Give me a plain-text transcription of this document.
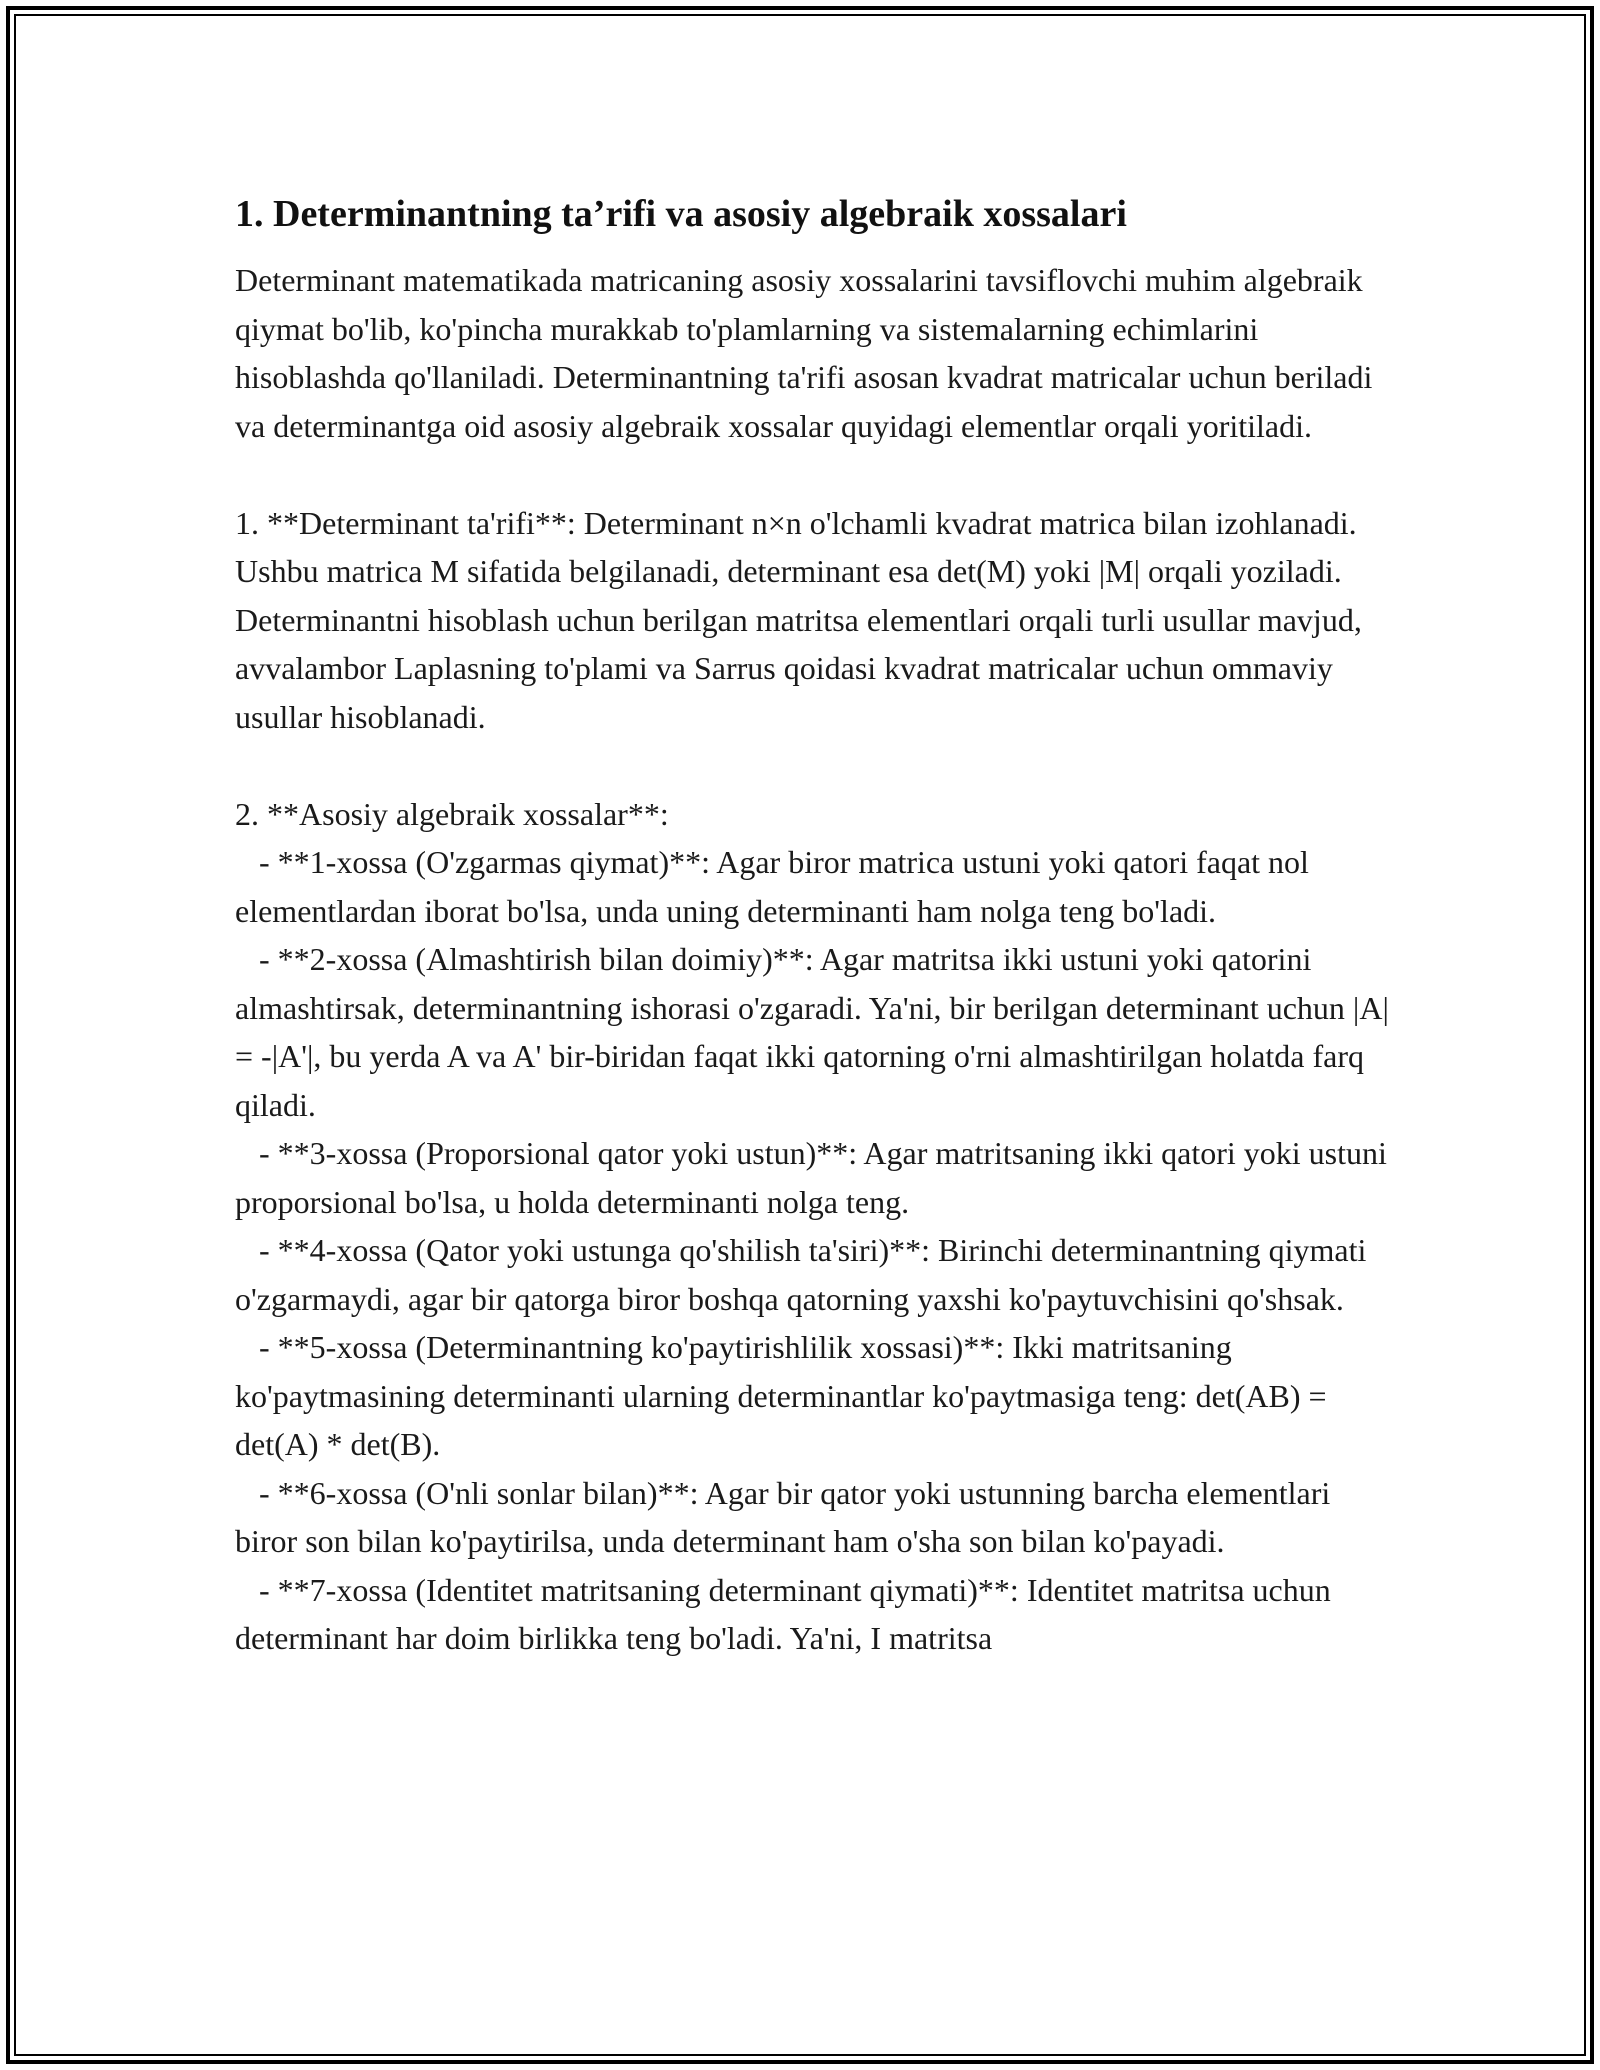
1. Determinantning ta’rifi va asosiy algebraik xossalari

Determinant matematikada matricaning asosiy xossalarini tavsiflovchi muhim algebraik qiymat bo'lib, ko'pincha murakkab to'plamlarning va sistemalarning echimlarini hisoblashda qo'llaniladi. Determinantning ta'rifi asosan kvadrat matricalar uchun beriladi va determinantga oid asosiy algebraik xossalar quyidagi elementlar orqali yoritiladi.

1. **Determinant ta'rifi**: Determinant n×n o'lchamli kvadrat matrica bilan izohlanadi. Ushbu matrica M sifatida belgilanadi, determinant esa det(M) yoki |M| orqali yoziladi. Determinantni hisoblash uchun berilgan matritsa elementlari orqali turli usullar mavjud, avvalambor Laplasning to'plami va Sarrus qoidasi kvadrat matricalar uchun ommaviy usullar hisoblanadi.

2. **Asosiy algebraik xossalar**:

- **1-xossa (O'zgarmas qiymat)**: Agar biror matrica ustuni yoki qatori faqat nol elementlardan iborat bo'lsa, unda uning determinanti ham nolga teng bo'ladi.

- **2-xossa (Almashtirish bilan doimiy)**: Agar matritsa ikki ustuni yoki qatorini almashtirsak, determinantning ishorasi o'zgaradi. Ya'ni, bir berilgan determinant uchun |A| = -|A'|, bu yerda A va A' bir-biridan faqat ikki qatorning o'rni almashtirilgan holatda farq qiladi.

- **3-xossa (Proporsional qator yoki ustun)**: Agar matritsaning ikki qatori yoki ustuni proporsional bo'lsa, u holda determinanti nolga teng.

- **4-xossa (Qator yoki ustunga qo'shilish ta'siri)**: Birinchi determinantning qiymati o'zgarmaydi, agar bir qatorga biror boshqa qatorning yaxshi ko'paytuvchisini qo'shsak.

- **5-xossa (Determinantning ko'paytirishlilik xossasi)**: Ikki matritsaning ko'paytmasining determinanti ularning determinantlar ko'paytmasiga teng: det(AB) = det(A) * det(B).

- **6-xossa (O'nli sonlar bilan)**: Agar bir qator yoki ustunning barcha elementlari biror son bilan ko'paytirilsa, unda determinant ham o'sha son bilan ko'payadi.

- **7-xossa (Identitet matritsaning determinant qiymati)**: Identitet matritsa uchun determinant har doim birlikka teng bo'ladi. Ya'ni, I matritsa
